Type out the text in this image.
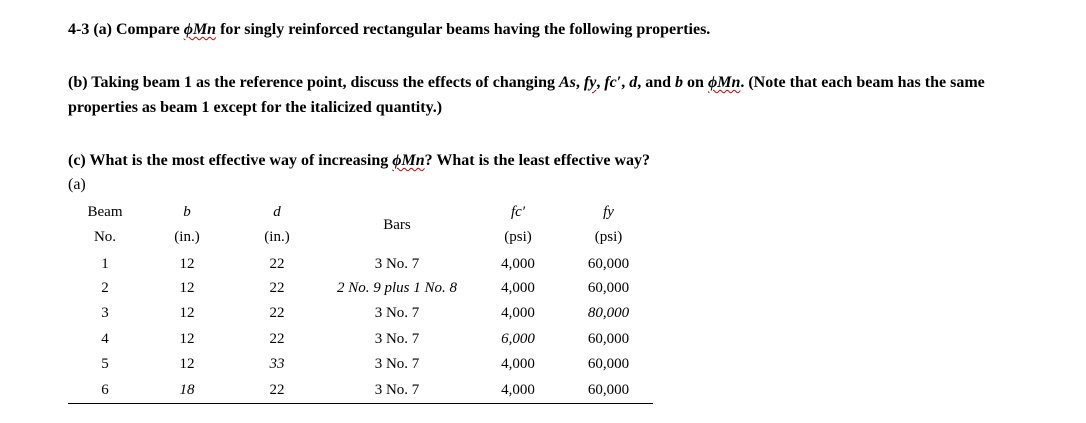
4-3 (a) Compare ϕMn for singly reinforced rectangular beams having the following properties.
(b) Taking beam 1 as the reference point, discuss the effects of changing As, fy, fc′, d, and b on ϕMn. (Note that each beam has the same
properties as beam 1 except for the italicized quantity.)
(c) What is the most effective way of increasing ϕMn? What is the least effective way?
(a)
Beam	b	d	Bars	fc′	fy
No.	(in.)	(in.)		(psi)	(psi)
1	12	22	3 No. 7	4,000	60,000
2	12	22	2 No. 9 plus 1 No. 8	4,000	60,000
3	12	22	3 No. 7	4,000	80,000
4	12	22	3 No. 7	6,000	60,000
5	12	33	3 No. 7	4,000	60,000
6	18	22	3 No. 7	4,000	60,000
